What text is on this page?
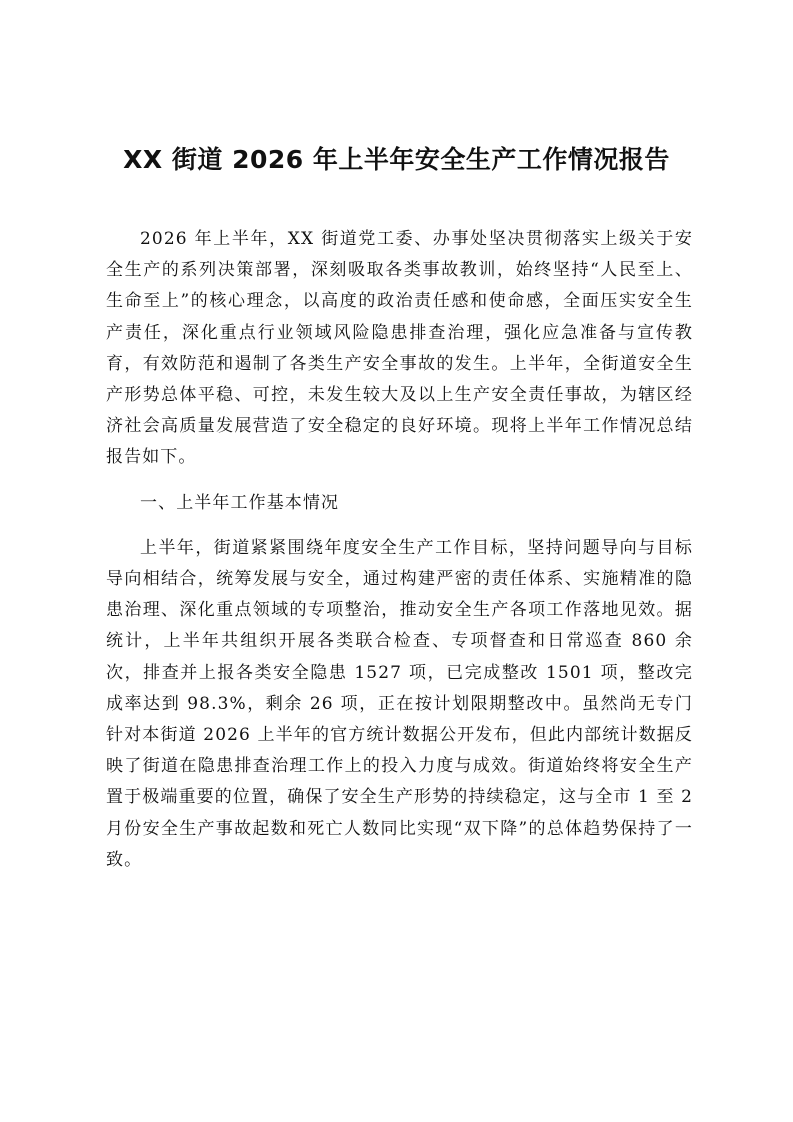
XX 街道 2026 年上半年安全生产工作情况报告

2026 年上半年，XX 街道党工委、办事处坚决贯彻落实上级关于安全生产的系列决策部署，深刻吸取各类事故教训，始终坚持“人民至上、生命至上”的核心理念，以高度的政治责任感和使命感，全面压实安全生产责任，深化重点行业领域风险隐患排查治理，强化应急准备与宣传教育，有效防范和遏制了各类生产安全事故的发生。上半年，全街道安全生产形势总体平稳、可控，未发生较大及以上生产安全责任事故，为辖区经济社会高质量发展营造了安全稳定的良好环境。现将上半年工作情况总结报告如下。

一、上半年工作基本情况

上半年，街道紧紧围绕年度安全生产工作目标，坚持问题导向与目标导向相结合，统筹发展与安全，通过构建严密的责任体系、实施精准的隐患治理、深化重点领域的专项整治，推动安全生产各项工作落地见效。据统计，上半年共组织开展各类联合检查、专项督查和日常巡查 860 余次，排查并上报各类安全隐患 1527 项，已完成整改 1501 项，整改完成率达到 98.3%，剩余 26 项，正在按计划限期整改中。虽然尚无专门针对本街道 2026 上半年的官方统计数据公开发布，但此内部统计数据反映了街道在隐患排查治理工作上的投入力度与成效。街道始终将安全生产置于极端重要的位置，确保了安全生产形势的持续稳定，这与全市 1 至 2 月份安全生产事故起数和死亡人数同比实现“双下降”的总体趋势保持了一致。
